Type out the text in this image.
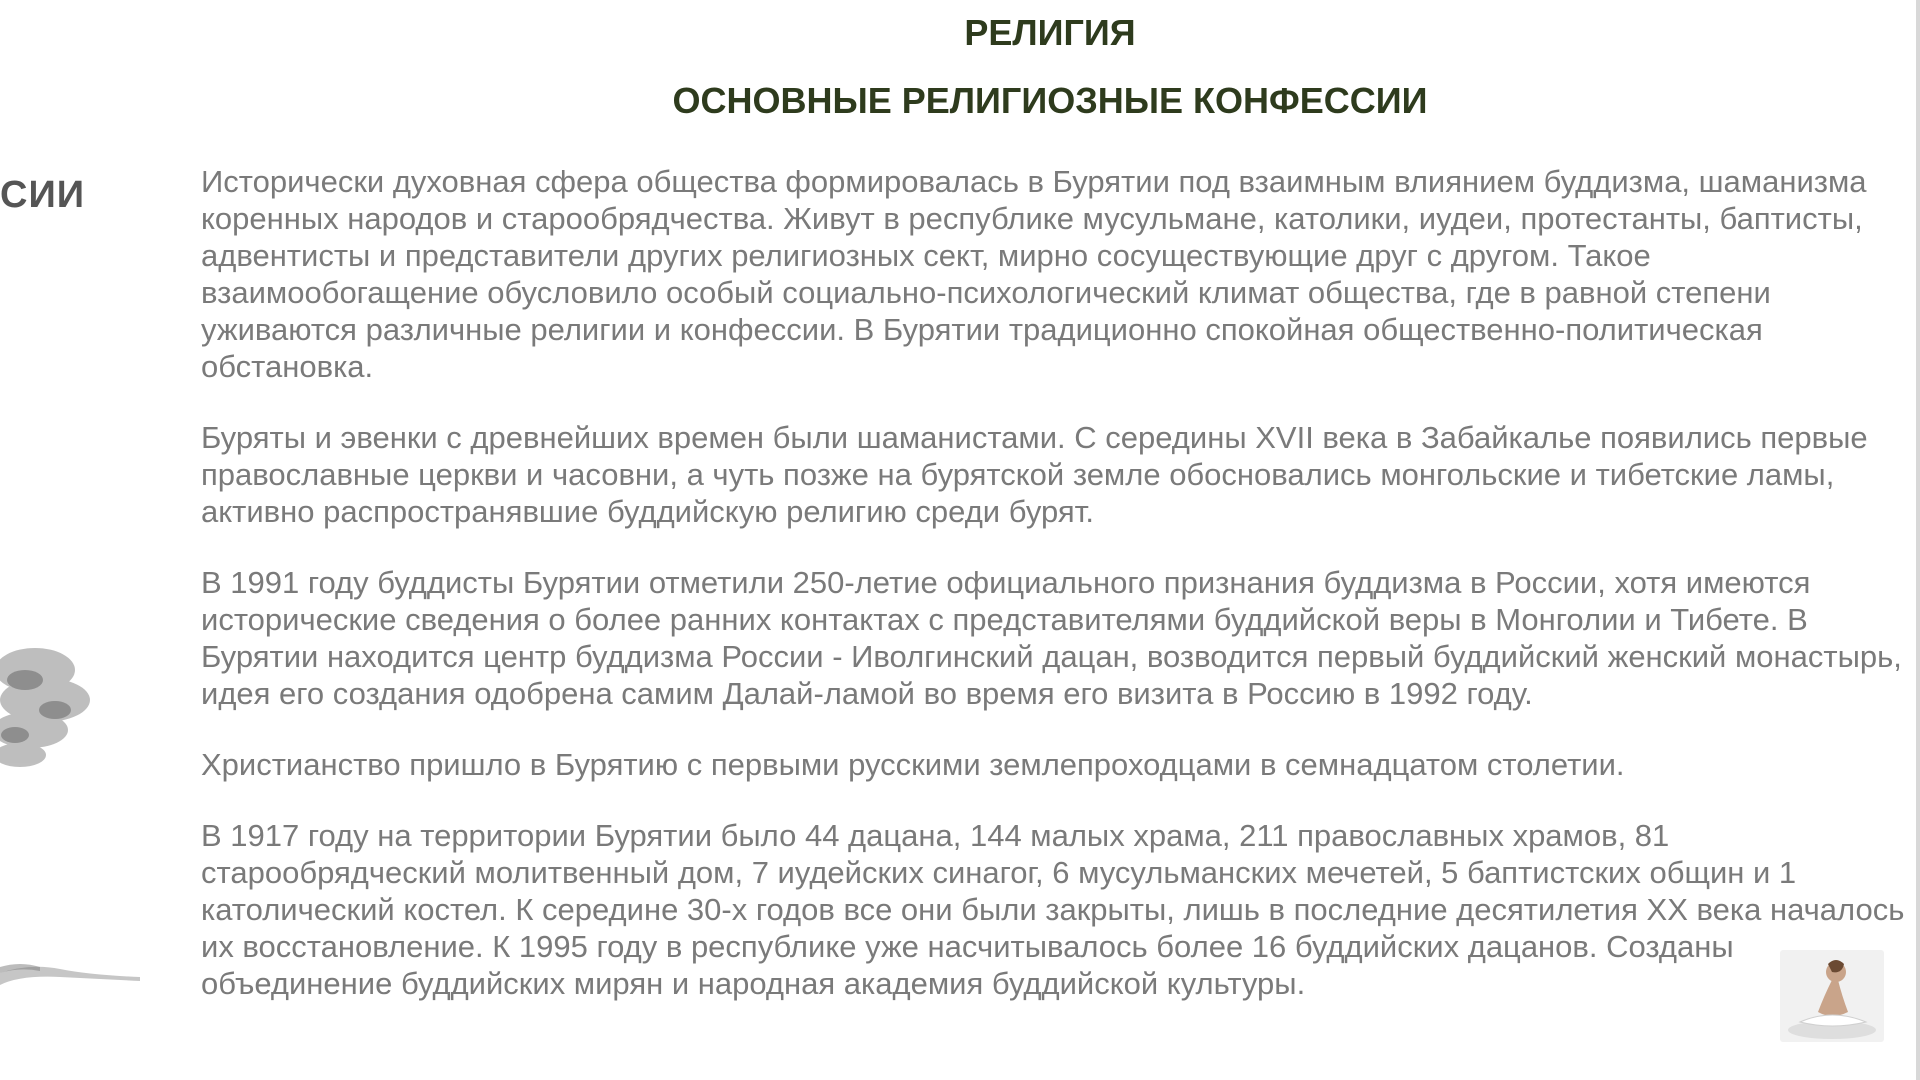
СИИ
РЕЛИГИЯ
ОСНОВНЫЕ РЕЛИГИОЗНЫЕ КОНФЕССИИ

Исторически духовная сфера общества формировалась в Бурятии под взаимным влиянием буддизма, шаманизма коренных народов и старообрядчества. Живут в республике мусульмане, католики, иудеи, протестанты, баптисты, адвентисты и представители других религиозных сект, мирно сосуществующие друг с другом. Такое взаимообогащение обусловило особый социально-психологический климат общества, где в равной степени уживаются различные религии и конфессии. В Бурятии традиционно спокойная общественно-политическая обстановка.

Буряты и эвенки с древнейших времен были шаманистами. С середины XVII века в Забайкалье появились первые православные церкви и часовни, а чуть позже на бурятской земле обосновались монгольские и тибетские ламы, активно распространявшие буддийскую религию среди бурят.

В 1991 году буддисты Бурятии отметили 250-летие официального признания буддизма в России, хотя имеются исторические сведения о более ранних контактах с представителями буддийской веры в Монголии и Тибете. В Бурятии находится центр буддизма России - Иволгинский дацан, возводится первый буддийский женский монастырь, идея его создания одобрена самим Далай-ламой во время его визита в Россию в 1992 году.

Христианство пришло в Бурятию с первыми русскими землепроходцами в семнадцатом столетии.

В 1917 году на территории Бурятии было 44 дацана, 144 малых храма, 211 православных храмов, 81 старообрядческий молитвенный дом, 7 иудейских синагог, 6 мусульманских мечетей, 5 баптистских общин и 1 католический костел. К середине 30-х годов все они были закрыты, лишь в последние десятилетия XX века началось их восстановление. К 1995 году в республике уже насчитывалось более 16 буддийских дацанов. Созданы объединение буддийских мирян и народная академия буддийской культуры.
